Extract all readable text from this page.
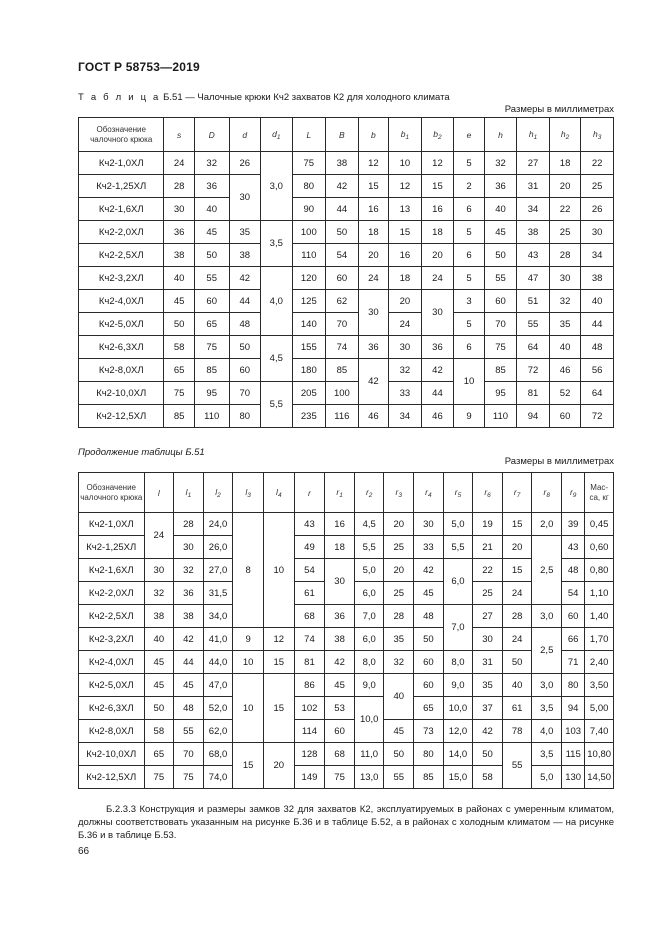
ГОСТ Р 58753—2019
Т а б л и ц а Б.51 — Чалочные крюки Кч2 захватов К2 для холодного климата
Размеры в миллиметрах
Обозначение чалочного крюка	s	D	d	$d_1$	L	B	b	$b_1$	$b_2$	e	h	$h_1$	$h_2$	$h_3$
Кч2-1,0ХЛ	24	32	26	3,0	75	38	12	10	12	5	32	27	18	22
Кч2-1,25ХЛ	28	36	30		80	42	15	12	15	2	36	31	20	25
Кч2-1,6ХЛ	30	40			90	44	16	13	16	6	40	34	22	26
Кч2-2,0ХЛ	36	45	35	3,5	100	50	18	15	18	5	45	38	25	30
Кч2-2,5ХЛ	38	50	38		110	54	20	16	20	6	50	43	28	34
Кч2-3,2ХЛ	40	55	42	4,0	120	60	24	18	24	5	55	47	30	38
Кч2-4,0ХЛ	45	60	44		125	62	30	20	30	3	60	51	32	40
Кч2-5,0ХЛ	50	65	48		140	70		24		5	70	55	35	44
Кч2-6,3ХЛ	58	75	50	4,5	155	74	36	30	36	6	75	64	40	48
Кч2-8,0ХЛ	65	85	60		180	85	42	32	42	10	85	72	46	56
Кч2-10,0ХЛ	75	95	70	5,5	205	100		33	44		95	81	52	64
Кч2-12,5ХЛ	85	110	80		235	116	46	34	46	9	110	94	60	72
Продолжение таблицы Б.51
Размеры в миллиметрах
Обозначение чалочного крюка	l	$l_1$	$l_2$	$l_3$	$l_4$	r	$r_1$	$r_2$	$r_3$	$r_4$	$r_5$	$r_6$	$r_7$	$r_8$	$r_9$	Мас-са, кг
Кч2-1,0ХЛ	24	28	24,0	8	10	43	16	4,5	20	30	5,0	19	15	2,0	39	0,45
Кч2-1,25ХЛ		30	26,0			49	18	5,5	25	33	5,5	21	20	2,5	43	0,60
Кч2-1,6ХЛ	30	32	27,0			54	30	5,0	20	42	6,0	22	15		48	0,80
Кч2-2,0ХЛ	32	36	31,5			61		6,0	25	45		25	24		54	1,10
Кч2-2,5ХЛ	38	38	34,0			68	36	7,0	28	48	7,0	27	28	3,0	60	1,40
Кч2-3,2ХЛ	40	42	41,0	9	12	74	38	6,0	35	50		30	24	2,5	66	1,70
Кч2-4,0ХЛ	45	44	44,0	10	15	81	42	8,0	32	60	8,0	31	50		71	2,40
Кч2-5,0ХЛ	45	45	47,0	10	15	86	45	9,0	40	60	9,0	35	40	3,0	80	3,50
Кч2-6,3ХЛ	50	48	52,0			102	53	10,0		65	10,0	37	61	3,5	94	5,00
Кч2-8,0ХЛ	58	55	62,0			114	60		45	73	12,0	42	78	4,0	103	7,40
Кч2-10,0ХЛ	65	70	68,0	15	20	128	68	11,0	50	80	14,0	50	55	3,5	115	10,80
Кч2-12,5ХЛ	75	75	74,0			149	75	13,0	55	85	15,0	58		5,0	130	14,50
Б.2.3.3 Конструкция и размеры замков 32 для захватов К2, эксплуатируемых в районах с умеренным климатом, должны соответствовать указанным на рисунке Б.36 и в таблице Б.52, а в районах с холодным климатом — на рисунке Б.36 и в таблице Б.53.
66
